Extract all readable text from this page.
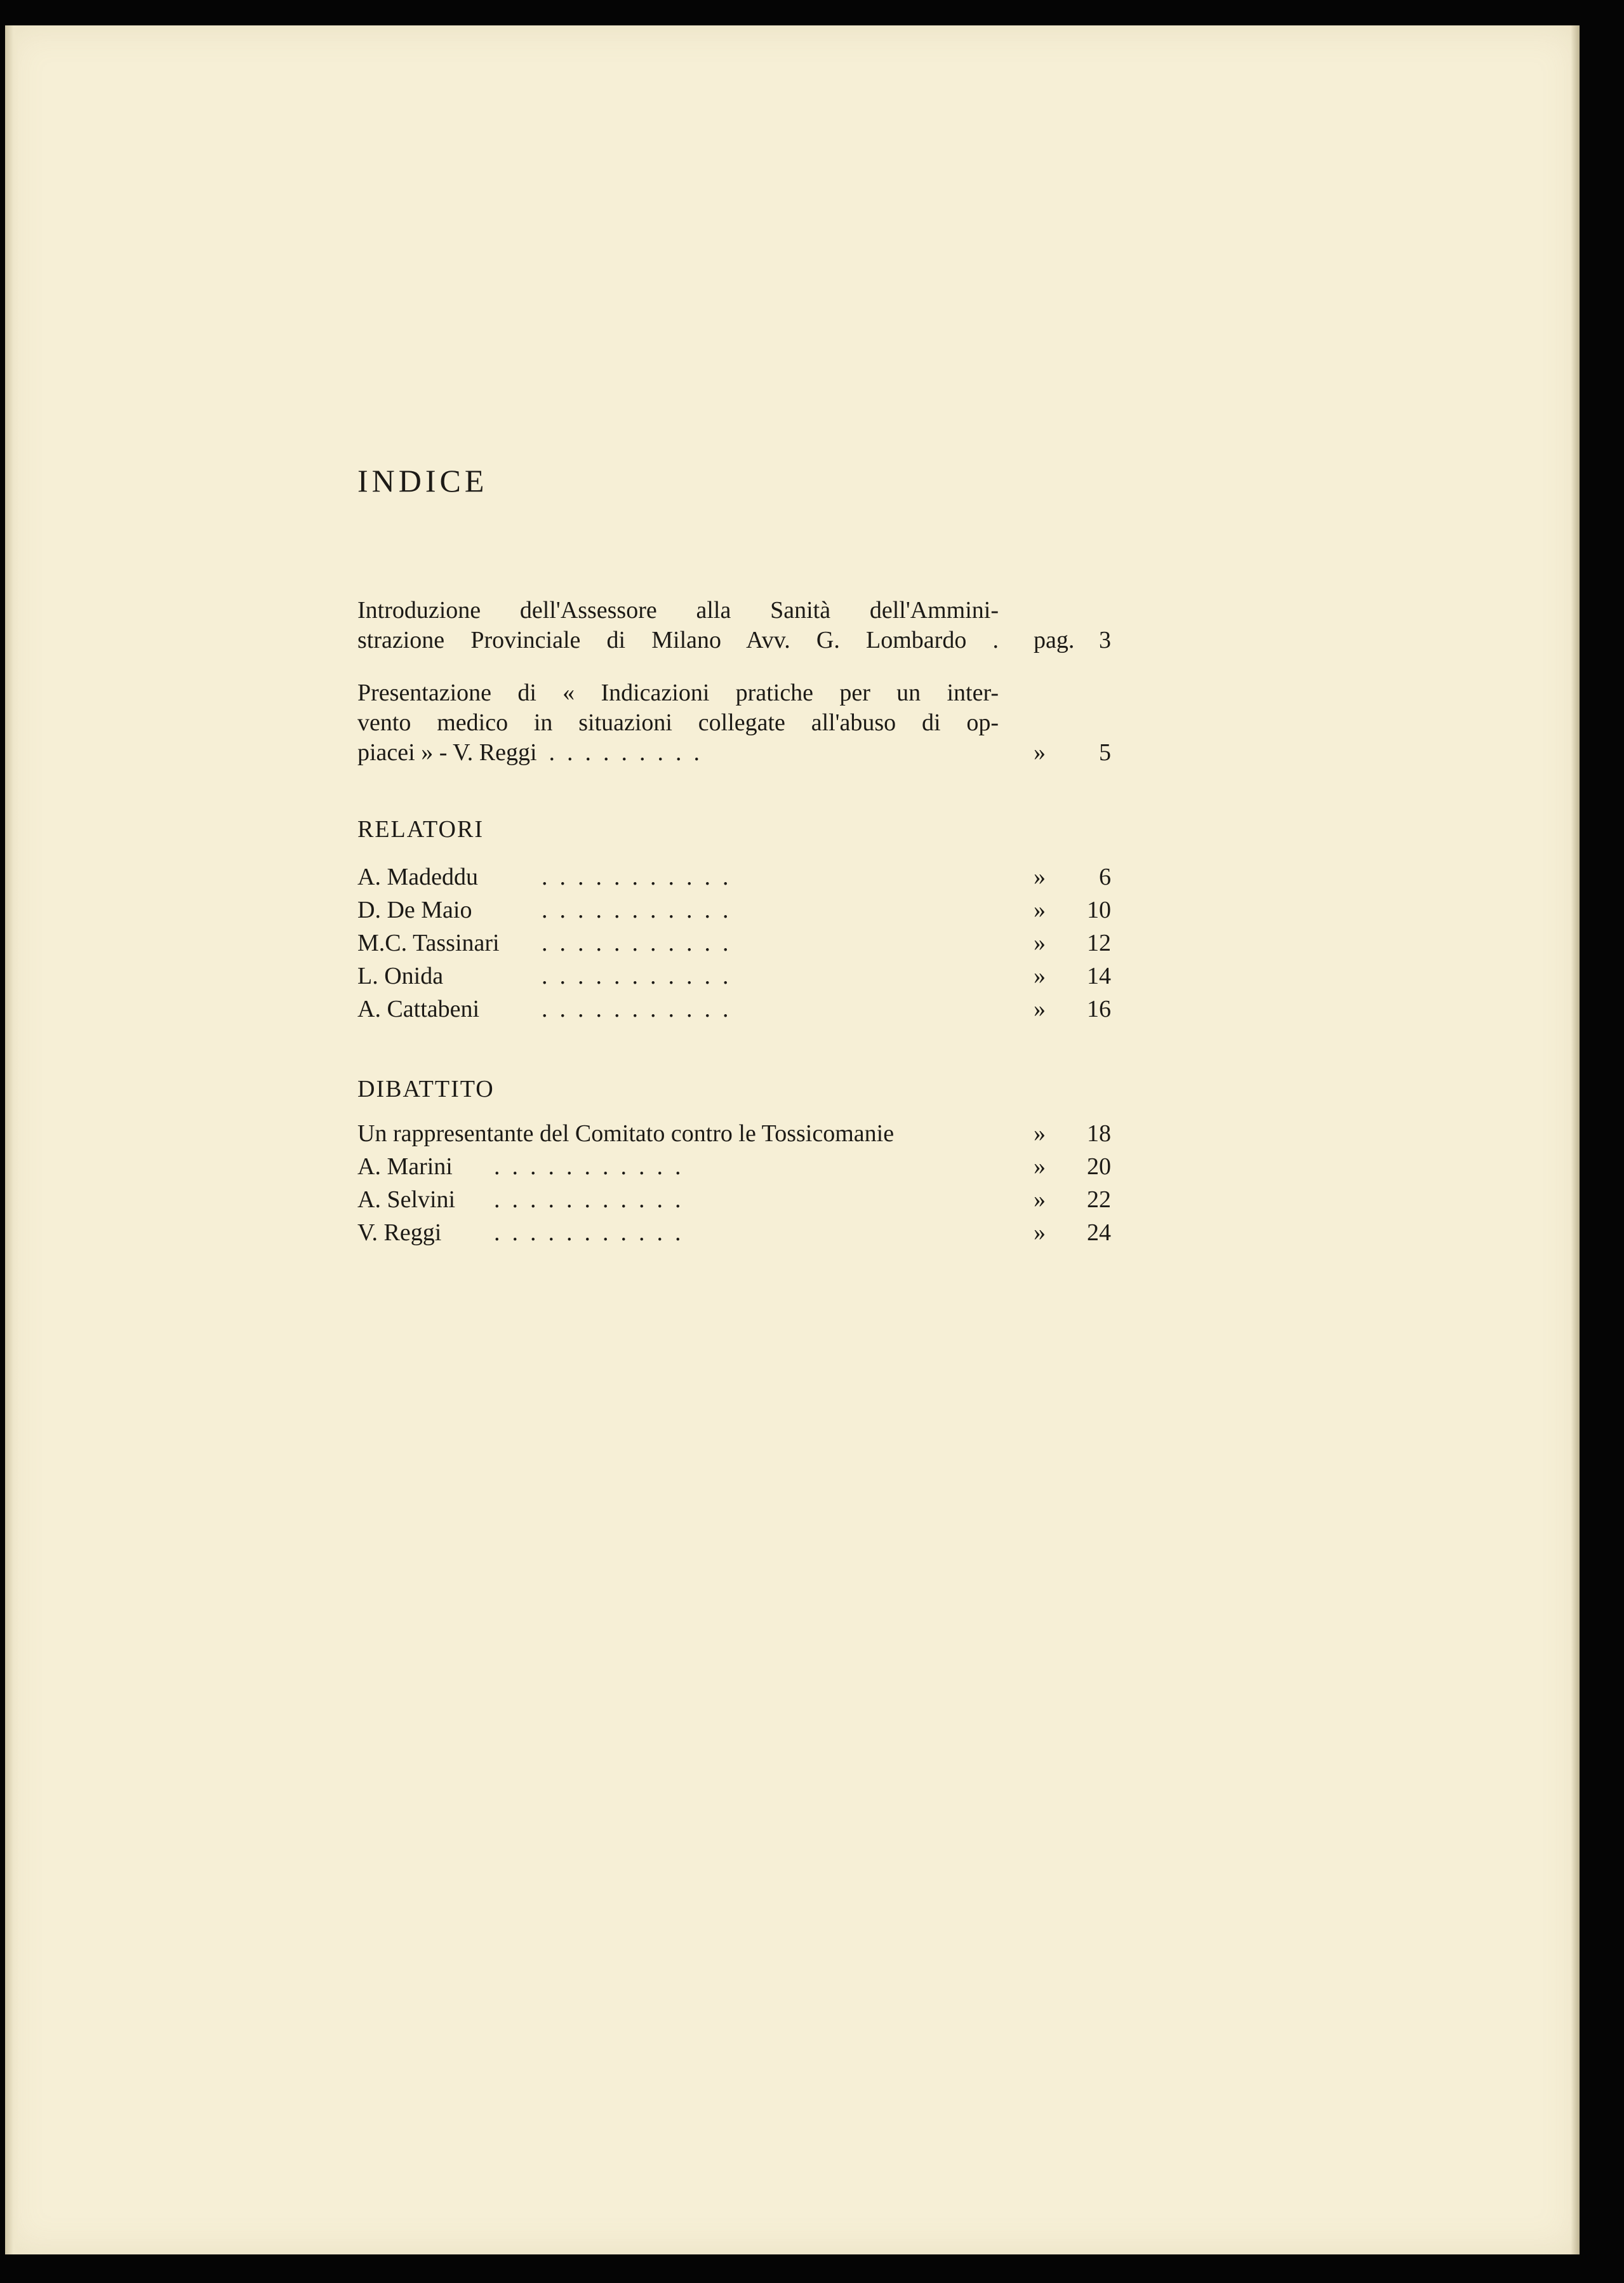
INDICE
Introduzione dell'Assessore alla Sanità dell'Ammini-
strazione Provinciale di Milano Avv. G. Lombardo . pag.	3
Presentazione di « Indicazioni pratiche per un inter-
vento medico in situazioni collegate all'abuso di op-
piacei » - V. Reggi  .  .  .  .  .  .  .  .  .	»	5
RELATORI
A. Madeddu	.  .  .  .  .  .  .  .  .  .  .	»	6
D. De Maio	.  .  .  .  .  .  .  .  .  .  .	»	10
M.C. Tassinari .  .  .  .  .  .  .  .  .  .  .	»	12
L. Onida	.  .  .  .  .  .  .  .  .  .  .	»	14
A. Cattabeni	.  .  .  .  .  .  .  .  .  .  .	»	16
DIBATTITO
Un rappresentante del Comitato contro le Tossicomanie	»	18
A. Marini .  .  .  .  .  .  .  .  .  .  .	»	20
A. Selvini .  .  .  .  .  .  .  .  .  .  .	»	22
V. Reggi .  .  .  .  .  .  .  .  .  .  .	»	24
